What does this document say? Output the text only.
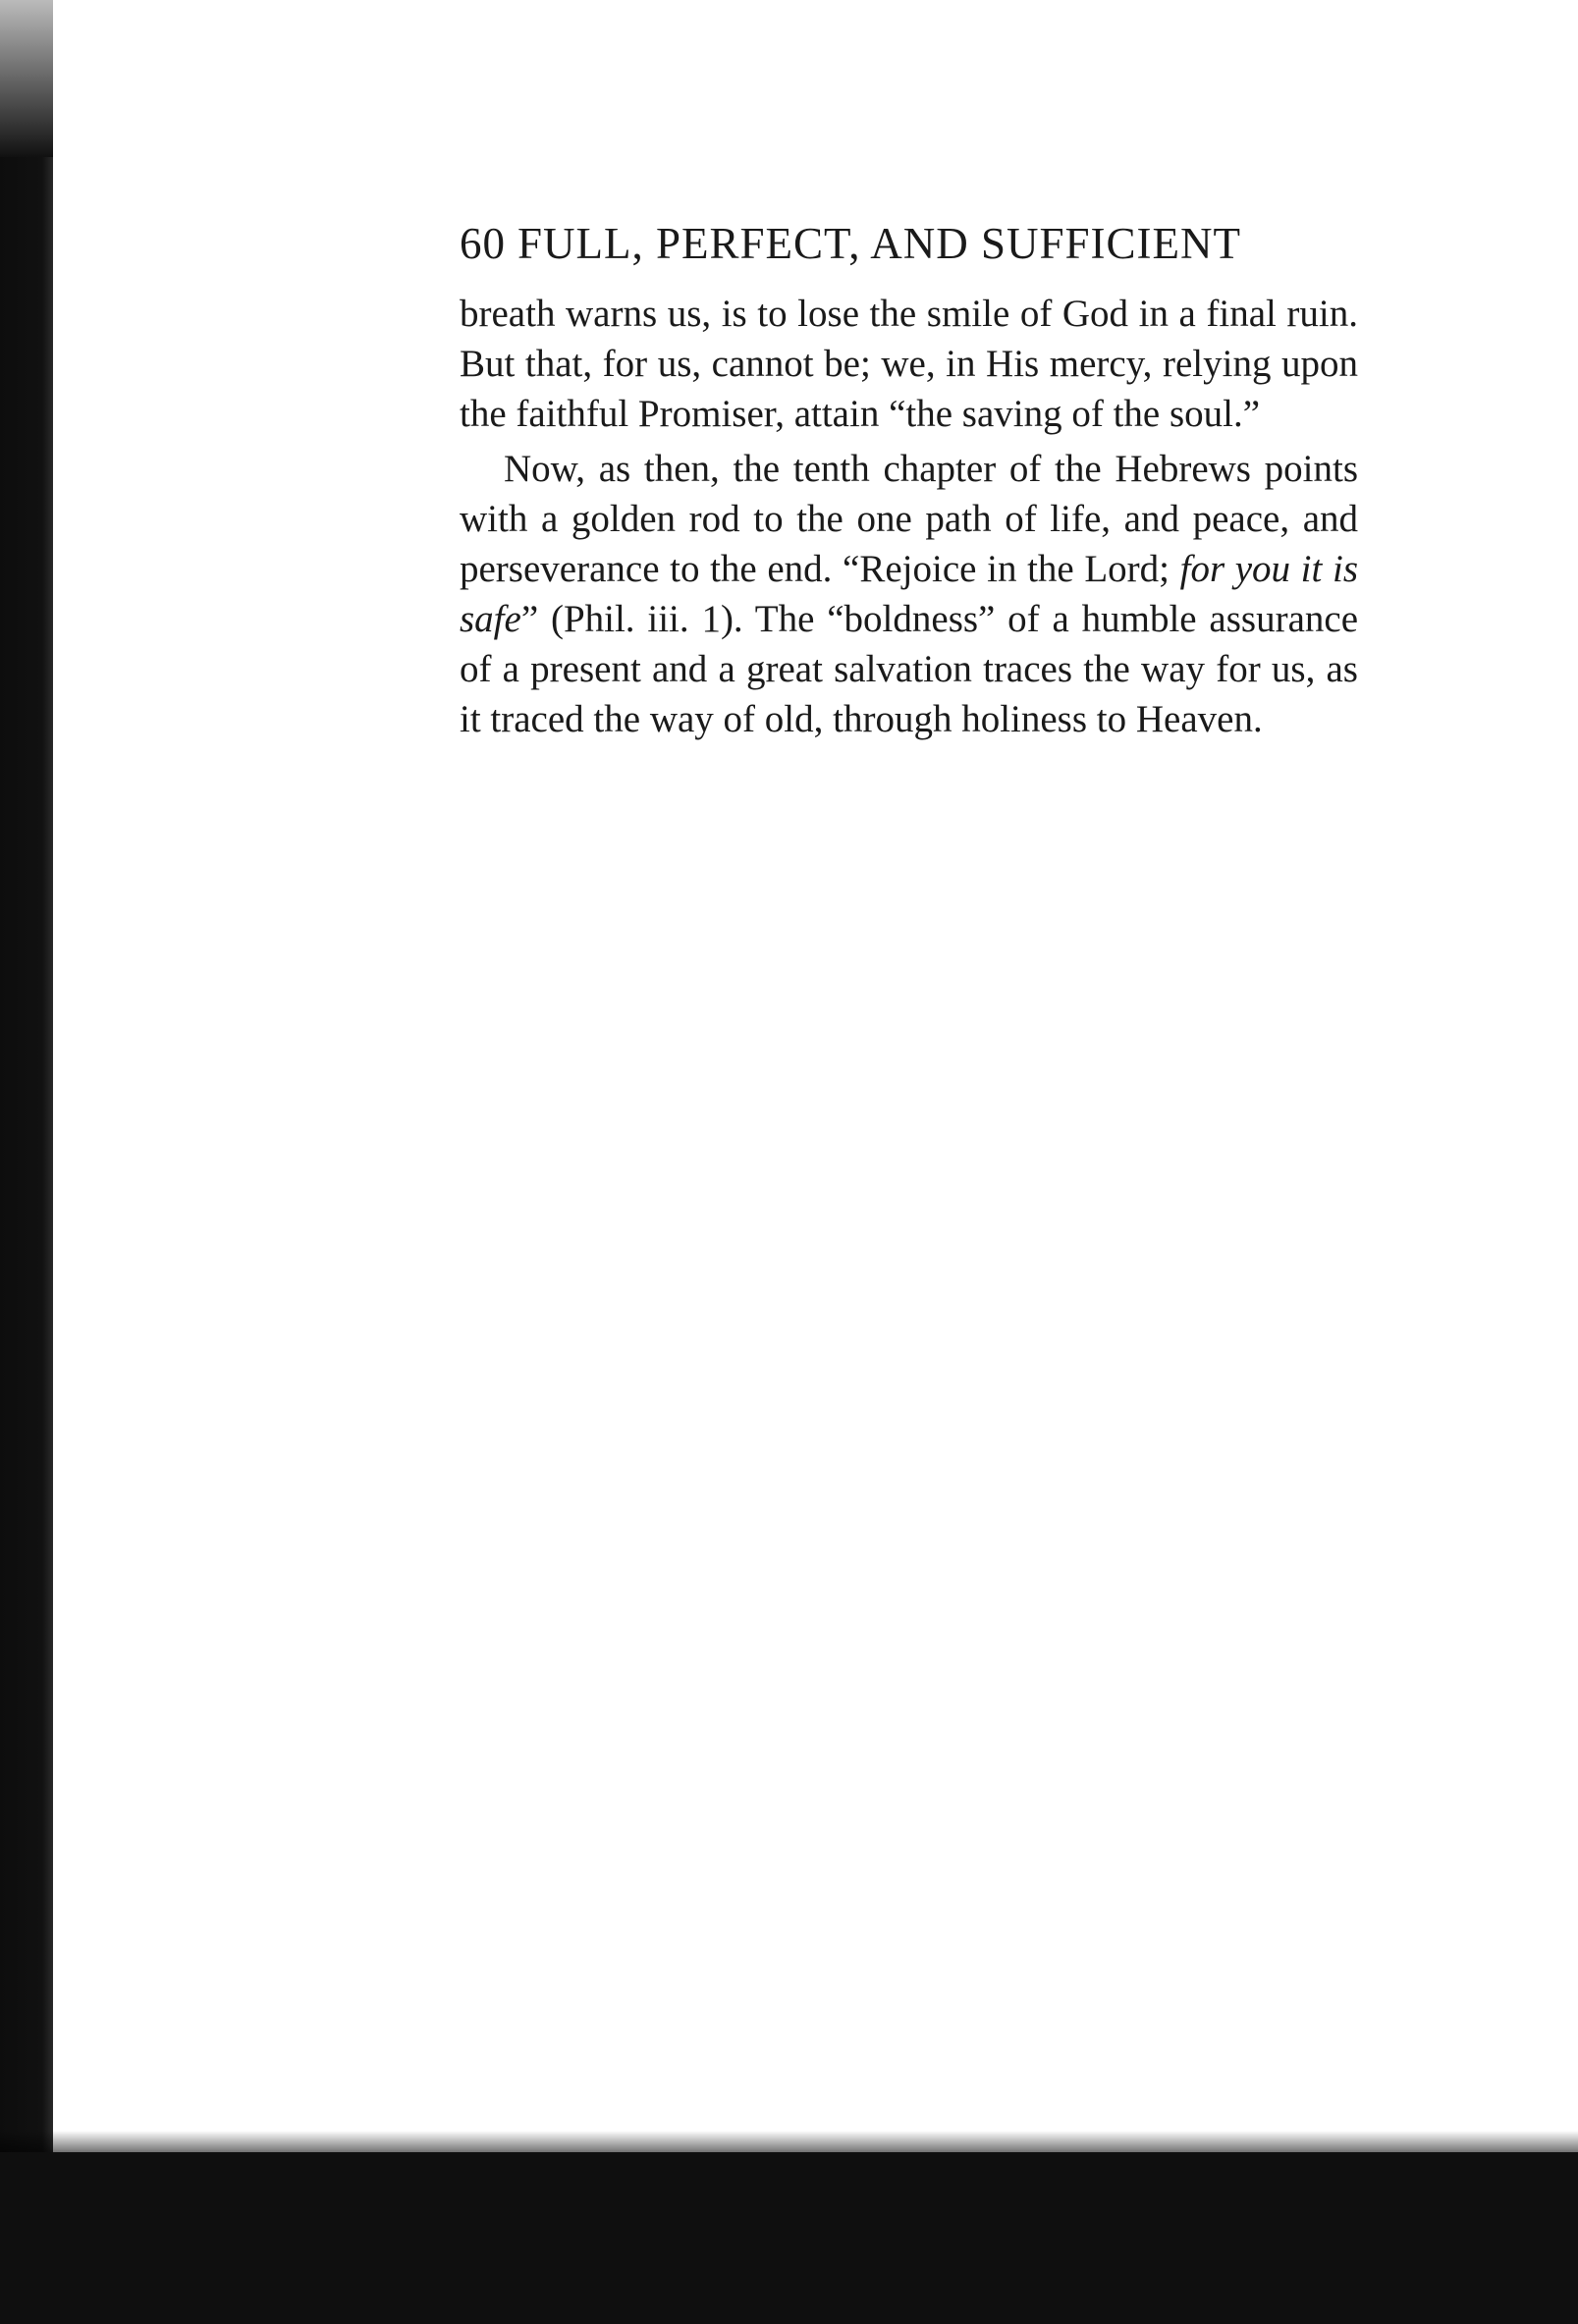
60 FULL, PERFECT, AND SUFFICIENT

breath warns us, is to lose the smile of God in a final ruin. But that, for us, cannot be; we, in His mercy, relying upon the faithful Promiser, attain “the saving of the soul.”

Now, as then, the tenth chapter of the Hebrews points with a golden rod to the one path of life, and peace, and perseverance to the end. “Rejoice in the Lord; for you it is safe” (Phil. iii. 1). The “boldness” of a humble assurance of a present and a great salvation traces the way for us, as it traced the way of old, through holiness to Heaven.
